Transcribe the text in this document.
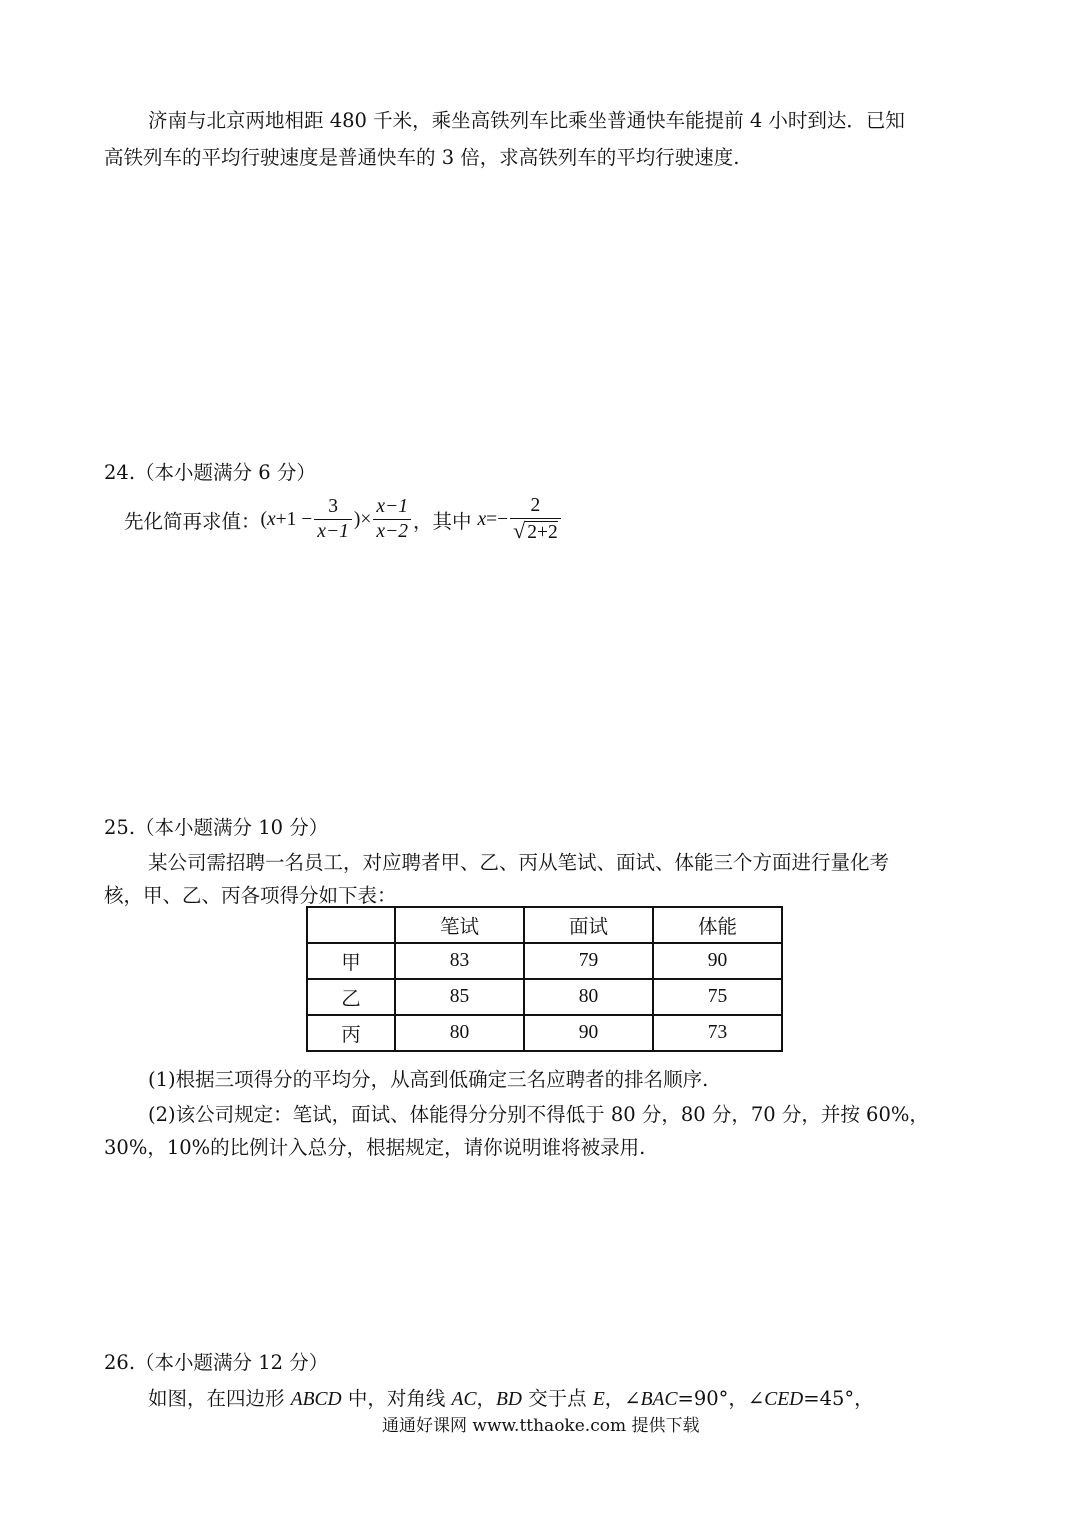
济南与北京两地相距 480 千米，乘坐高铁列车比乘坐普通快车能提前 4 小时到达．已知
高铁列车的平均行驶速度是普通快车的 3 倍，求高铁列车的平均行驶速度.
24.（本小题满分 6 分）
先化简再求值： ( $x +1 - \frac{3}{x-1}$ )× $\frac{x-1}{x-2}$ ，其中 $x =- \frac{2}{√ 2+2}$
25.（本小题满分 10 分）
某公司需招聘一名员工，对应聘者甲、乙、丙从笔试、面试、体能三个方面进行量化考
核，甲、乙、丙各项得分如下表：
	笔试	面试	体能
甲	83	79	90
乙	85	80	75
丙	80	90	73
(1)根据三项得分的平均分，从高到低确定三名应聘者的排名顺序.
(2)该公司规定：笔试，面试、体能得分分别不得低于 80 分，80 分，70 分，并按 60%，
30%，10%的比例计入总分，根据规定，请你说明谁将被录用.
26.（本小题满分 12 分）
如图，在四边形 ABCD 中，对角线 AC，BD 交于点 E，∠BAC=90°，∠CED=45°，
通通好课网 www.tthaoke.com 提供下载
